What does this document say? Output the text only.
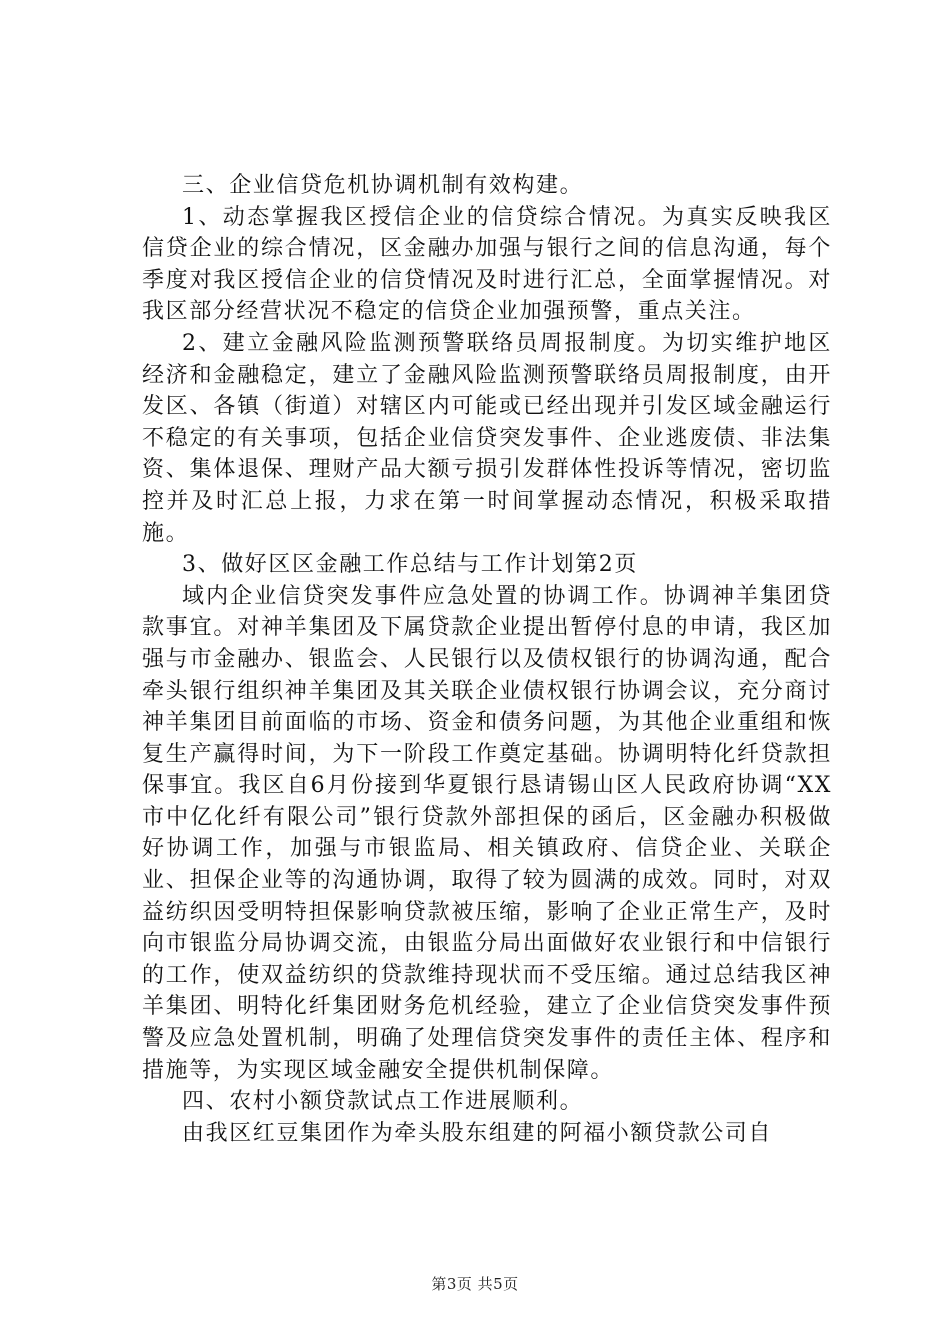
三、企业信贷危机协调机制有效构建。

1、动态掌握我区授信企业的信贷综合情况。为真实反映我区信贷企业的综合情况，区金融办加强与银行之间的信息沟通，每个季度对我区授信企业的信贷情况及时进行汇总，全面掌握情况。对我区部分经营状况不稳定的信贷企业加强预警，重点关注。

2、建立金融风险监测预警联络员周报制度。为切实维护地区经济和金融稳定，建立了金融风险监测预警联络员周报制度，由开发区、各镇（街道）对辖区内可能或已经出现并引发区域金融运行不稳定的有关事项，包括企业信贷突发事件、企业逃废债、非法集资、集体退保、理财产品大额亏损引发群体性投诉等情况，密切监控并及时汇总上报，力求在第一时间掌握动态情况，积极采取措施。

3、做好区区金融工作总结与工作计划第2页

域内企业信贷突发事件应急处置的协调工作。协调神羊集团贷款事宜。对神羊集团及下属贷款企业提出暂停付息的申请，我区加强与市金融办、银监会、人民银行以及债权银行的协调沟通，配合牵头银行组织神羊集团及其关联企业债权银行协调会议，充分商讨神羊集团目前面临的市场、资金和债务问题，为其他企业重组和恢复生产赢得时间，为下一阶段工作奠定基础。协调明特化纤贷款担保事宜。我区自6月份接到华夏银行恳请锡山区人民政府协调“XX市中亿化纤有限公司”银行贷款外部担保的函后，区金融办积极做好协调工作，加强与市银监局、相关镇政府、信贷企业、关联企业、担保企业等的沟通协调，取得了较为圆满的成效。同时，对双益纺织因受明特担保影响贷款被压缩，影响了企业正常生产，及时向市银监分局协调交流，由银监分局出面做好农业银行和中信银行的工作，使双益纺织的贷款维持现状而不受压缩。通过总结我区神羊集团、明特化纤集团财务危机经验，建立了企业信贷突发事件预警及应急处置机制，明确了处理信贷突发事件的责任主体、程序和措施等，为实现区域金融安全提供机制保障。

四、农村小额贷款试点工作进展顺利。

由我区红豆集团作为牵头股东组建的阿福小额贷款公司自

第3页 共5页
